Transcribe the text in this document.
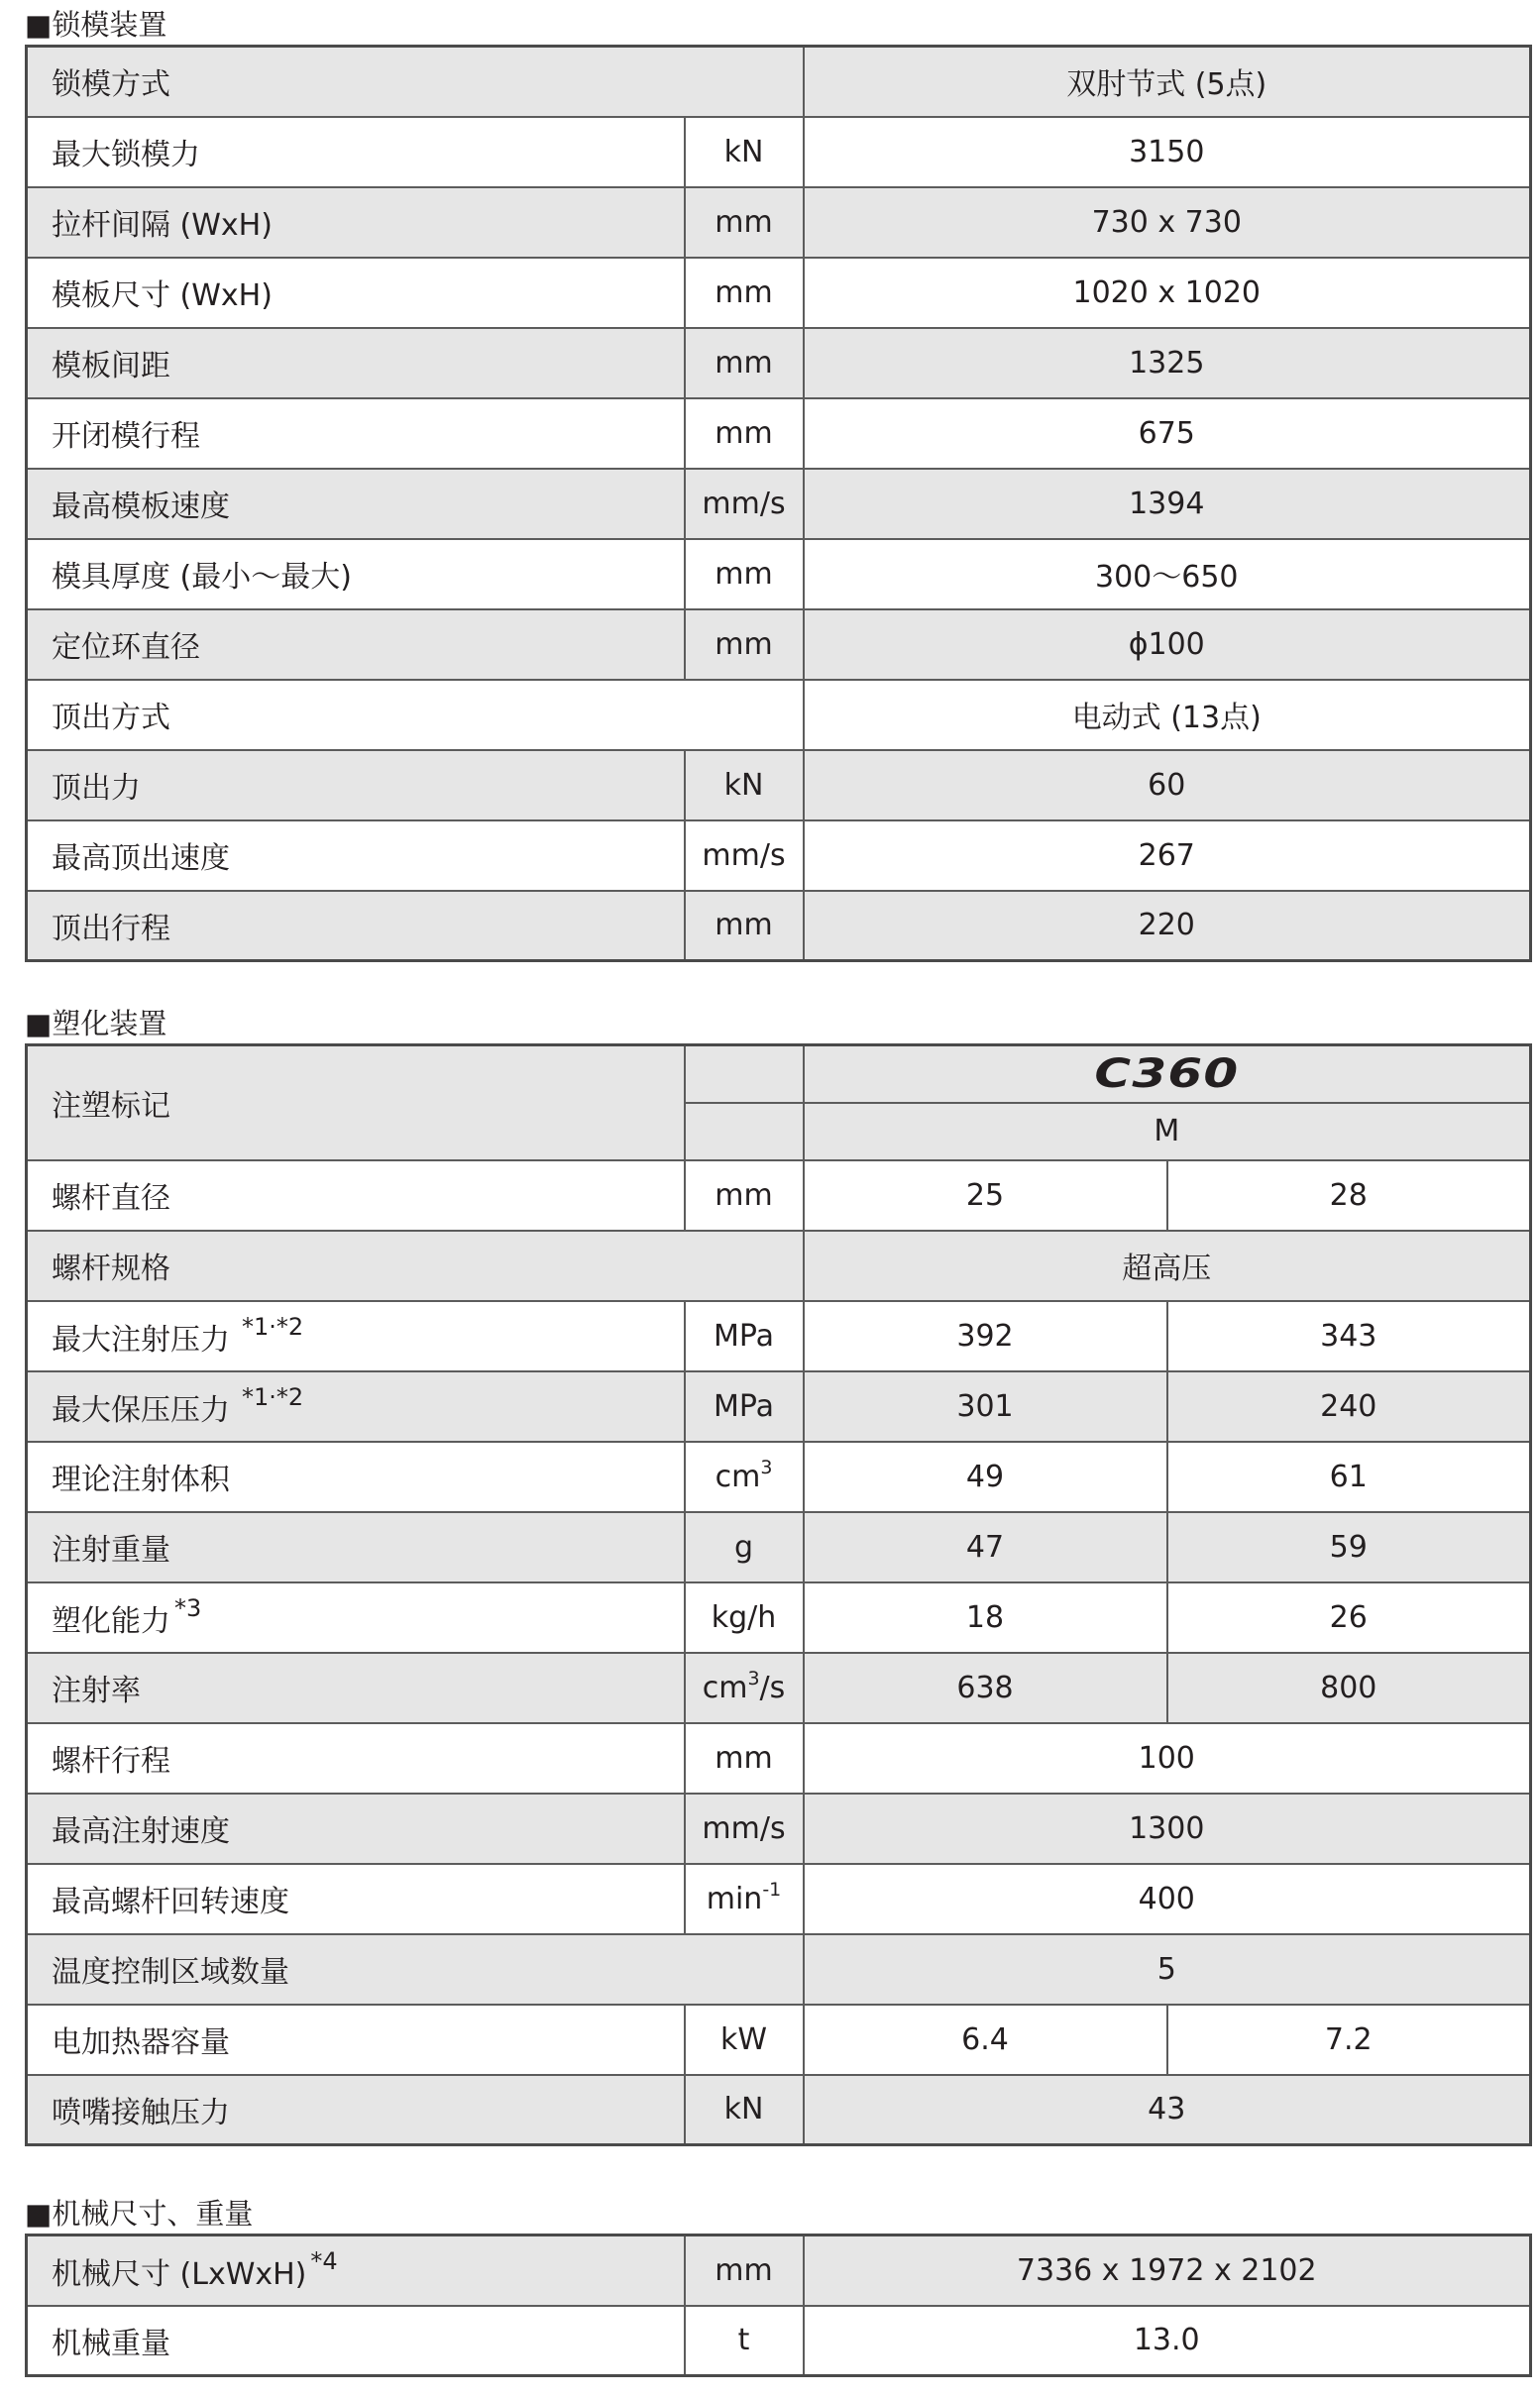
■锁模装置
锁模方式		双肘节式 (5点)
最大锁模力	kN	3150
拉杆间隔 (WxH)	mm	730 x 730
模板尺寸 (WxH)	mm	1020 x 1020
模板间距	mm	1325
开闭模行程	mm	675
最高模板速度	mm/s	1394
模具厚度 (最小～最大)	mm	300～650
定位环直径	mm	ϕ100
顶出方式		电动式 (13点)
顶出力	kN	60
最高顶出速度	mm/s	267
顶出行程	mm	220
■塑化装置
注塑标记		C360	
		M	
螺杆直径	mm	25	28
螺杆规格		超高压	
最大注射压力 $^{*1\cdot*2}$	MPa	392	343
最大保压压力 $^{*1\cdot*2}$	MPa	301	240
理论注射体积	$cm^3$	49	61
注射重量	g	47	59
塑化能力 $^{*3}$	kg/h	18	26
注射率	$cm^3/s$	638	800
螺杆行程	mm	100	
最高注射速度	mm/s	1300	
最高螺杆回转速度	$\min^{-1}$	400	
温度控制区域数量		5	
电加热器容量	kW	6.4	7.2
喷嘴接触压力	kN	43	
■机械尺寸、重量
机械尺寸 (LxWxH) $^{*4}$	mm	7336 x 1972 x 2102
机械重量	t	13.0
